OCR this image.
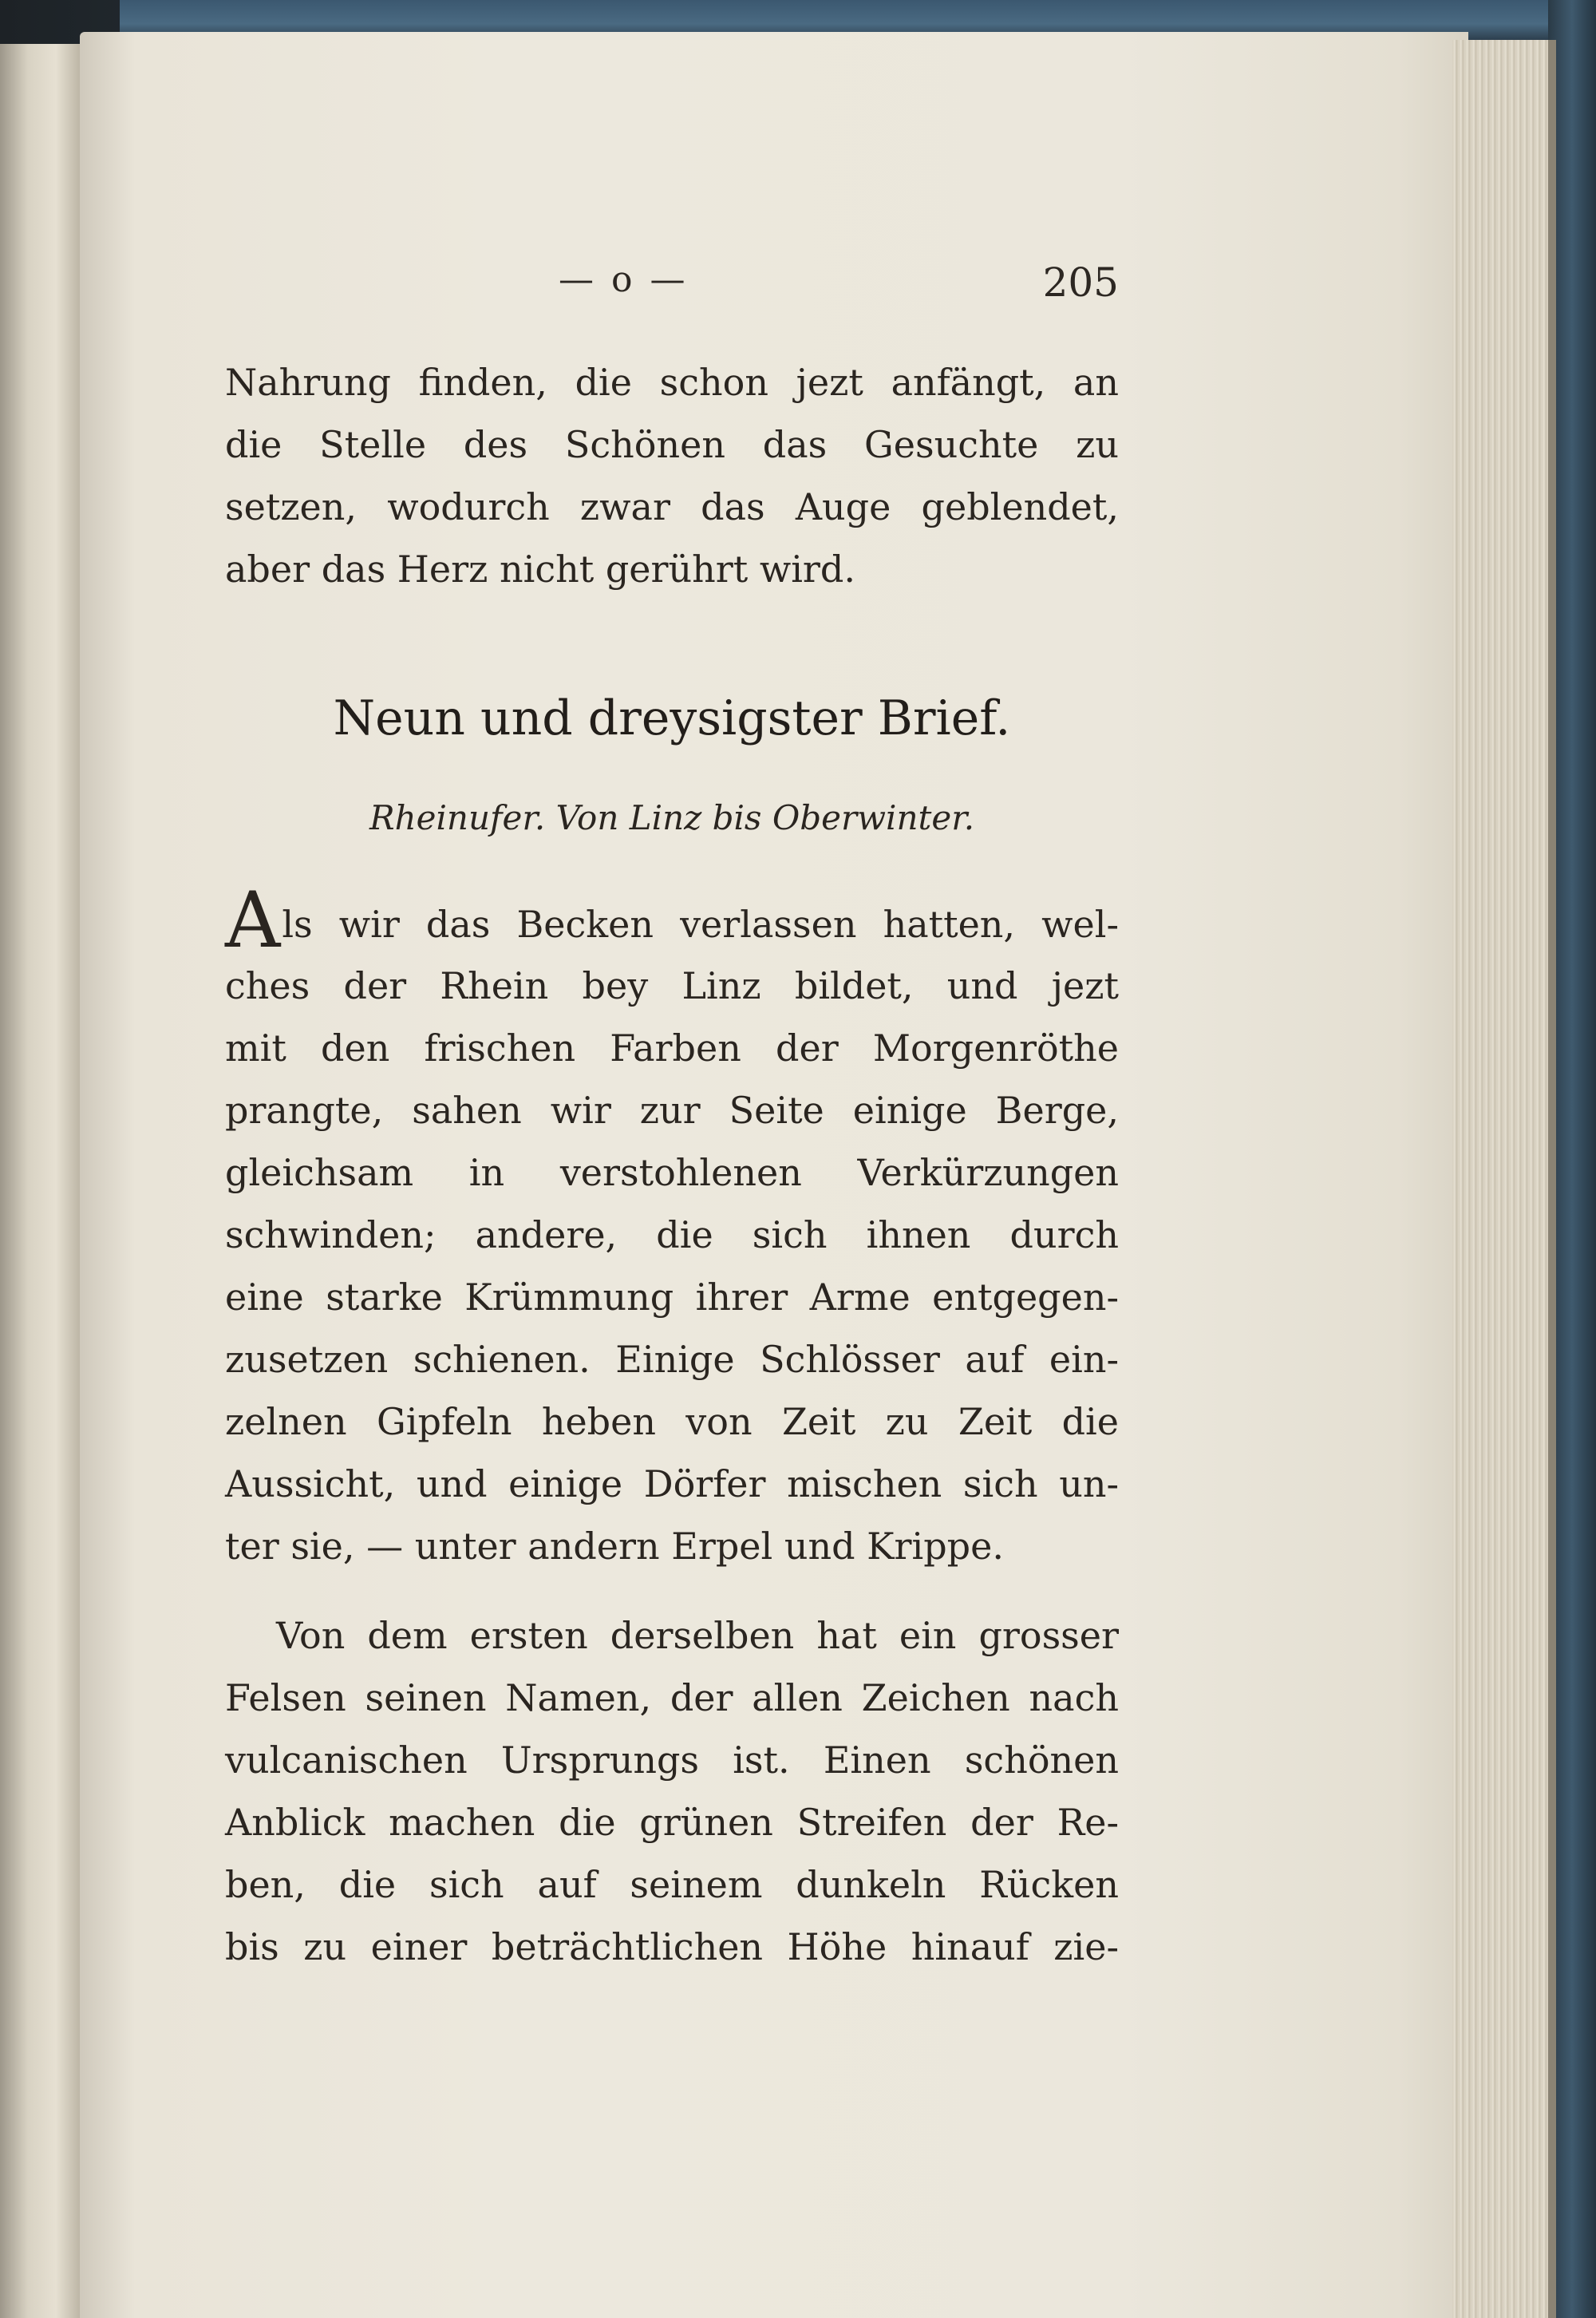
— o —	205
Nahrung finden, die schon jezt anfängt, an
die Stelle des Schönen das Gesuchte zu
setzen, wodurch zwar das Auge geblendet,
aber das Herz nicht gerührt wird.
Neun und dreysigster Brief.
Rheinufer. Von Linz bis Oberwinter.
Als wir das Becken verlassen hatten, wel-
ches der Rhein bey Linz bildet, und jezt
mit den frischen Farben der Morgenröthe
prangte, sahen wir zur Seite einige Berge,
gleichsam in verstohlenen Verkürzungen
schwinden; andere, die sich ihnen durch
eine starke Krümmung ihrer Arme entgegen-
zusetzen schienen. Einige Schlösser auf ein-
zelnen Gipfeln heben von Zeit zu Zeit die
Aussicht, und einige Dörfer mischen sich un-
ter sie, — unter andern Erpel und Krippe.
Von dem ersten derselben hat ein grosser
Felsen seinen Namen, der allen Zeichen nach
vulcanischen Ursprungs ist. Einen schönen
Anblick machen die grünen Streifen der Re-
ben, die sich auf seinem dunkeln Rücken
bis zu einer beträchtlichen Höhe hinauf zie-
